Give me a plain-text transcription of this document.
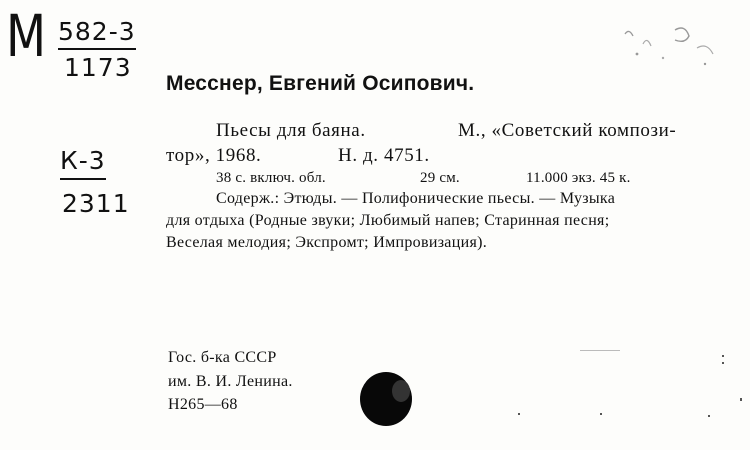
М 582-3
1173
К-3
2311
Месснер, Евгений Осипович.
Пьесы для баяна.	М., «Советский компози-
тор», 1968.	Н. д. 4751.
38 с. включ. обл.	29 см.	11.000 экз. 45 к.
Содерж.: Этюды. — Полифонические пьесы. — Музыка
для отдыха (Родные звуки; Любимый напев; Старинная песня;
Веселая мелодия; Экспромт; Импровизация).
Гос. б-ка СССР
им. В. И. Ленина.
Н265—68
